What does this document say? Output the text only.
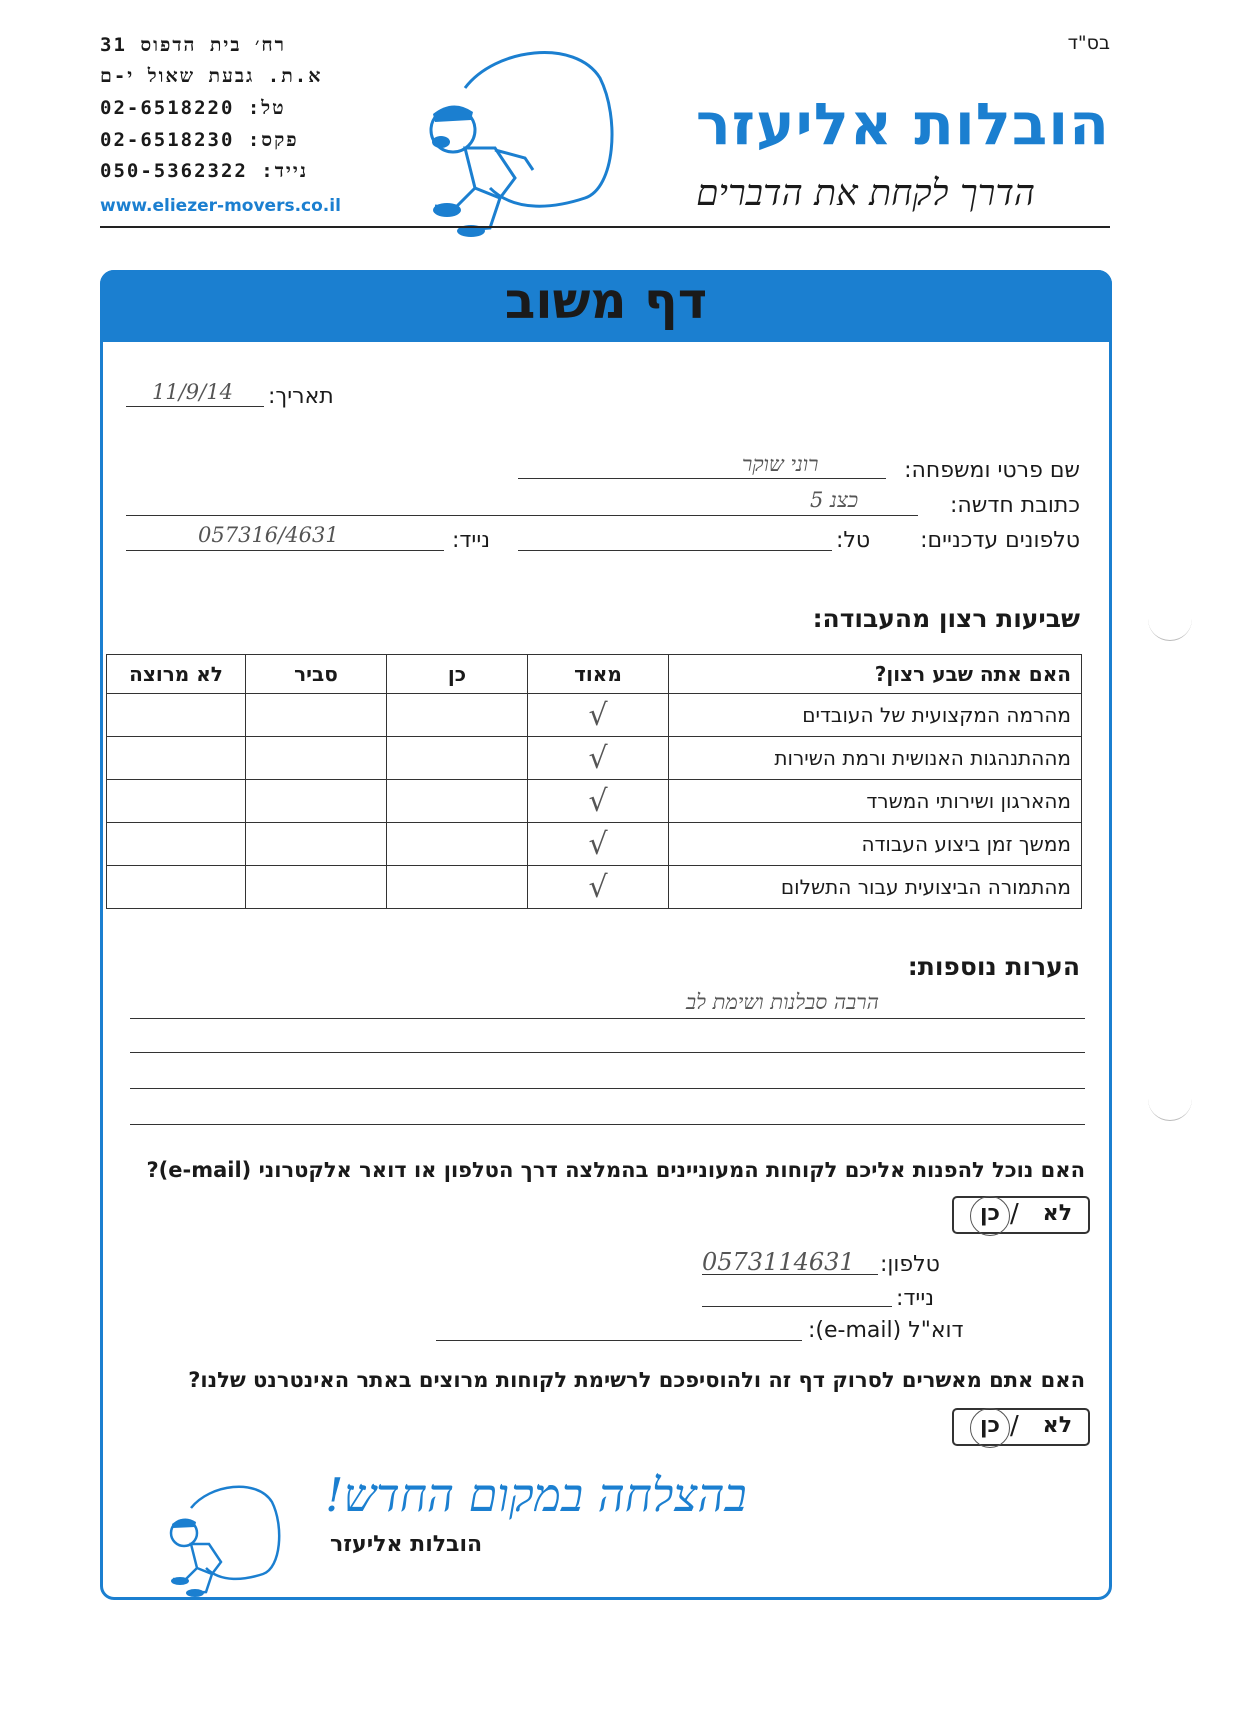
בס"ד
הובלות אליעזר
הדרך לקחת את הדברים
רח׳ בית הדפוס 31
א.ת. גבעת שאול י-ם
טל: 02-6518220
פקס: 02-6518230
נייד: 050-5362322
www.eliezer-movers.co.il
דף משוב
תאריך:
11/9/14
שם פרטי ומשפחה:
רוני שוקר
כתובת חדשה:
כצנ 5
טלפונים עדכניים:
טל:
נייד:
057316/4631
שביעות רצון מהעבודה:
האם אתה שבע רצון?	מאוד	כן	סביר	לא מרוצה
מהרמה המקצועית של העובדים	√			
מההתנהגות האנושית ורמת השירות	√			
מהארגון ושירותי המשרד	√			
ממשך זמן ביצוע העבודה	√			
מהתמורה הביצועית עבור התשלום	√			
הערות נוספות:
הרבה סבלנות ושימת לב
האם נוכל להפנות אליכם לקוחות המעוניינים בהמלצה דרך הטלפון או דואר אלקטרוני (e-mail)?
לא
/
כן
טלפון:
0573114631
נייד:
דוא"ל (e-mail):
האם אתם מאשרים לסרוק דף זה ולהוסיפכם לרשימת לקוחות מרוצים באתר האינטרנט שלנו?
לא
/
כן
בהצלחה במקום החדש!
הובלות אליעזר
